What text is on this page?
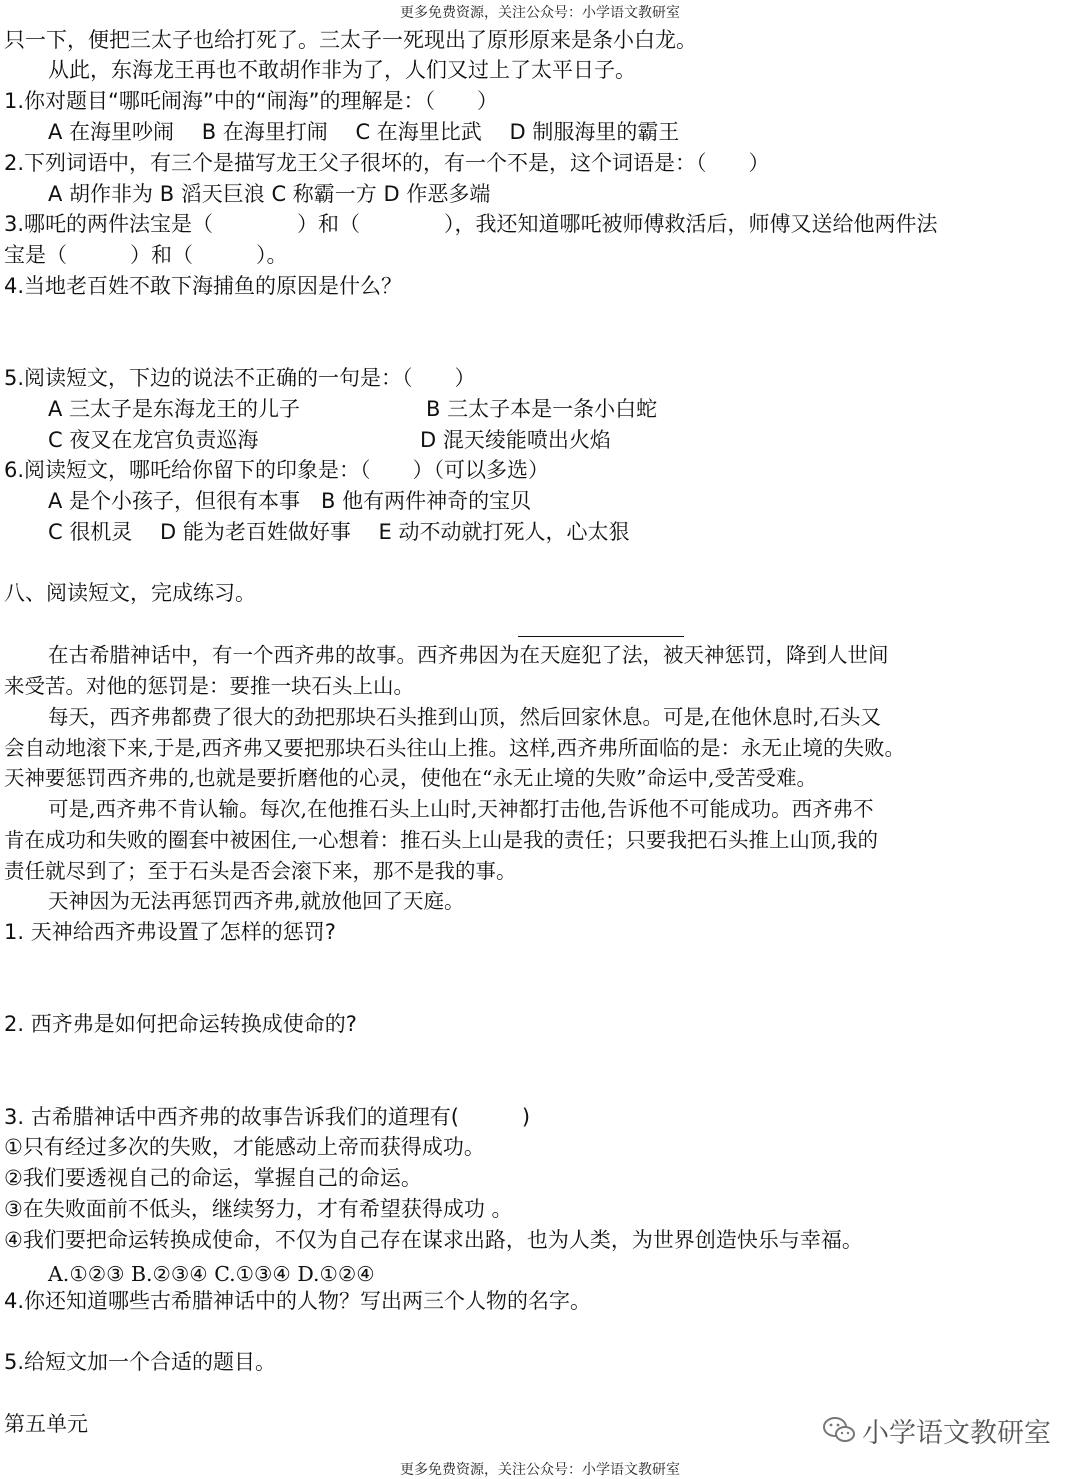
更多免费资源，关注公众号：小学语文教研室
只一下，便把三太子也给打死了。三太子一死现出了原形原来是条小白龙。
从此，东海龙王再也不敢胡作非为了，人们又过上了太平日子。
1.你对题目“哪吒闹海”中的“闹海”的理解是：（　　）
A 在海里吵闹　 B 在海里打闹　 C 在海里比武　 D 制服海里的霸王
2.下列词语中，有三个是描写龙王父子很坏的，有一个不是，这个词语是：（　　）
A 胡作非为 B 滔天巨浪 C 称霸一方 D 作恶多端
3.哪吒的两件法宝是（　　　　）和（　　　　），我还知道哪吒被师傅救活后，师傅又送给他两件法
宝是（　　　）和（　　　）。
4.当地老百姓不敢下海捕鱼的原因是什么？
5.阅读短文，下边的说法不正确的一句是：（　　）
A 三太子是东海龙王的儿子	B 三太子本是一条小白蛇
C 夜叉在龙宫负责巡海	D 混天绫能喷出火焰
6.阅读短文，哪吒给你留下的印象是：（　　）（可以多选）
A 是个小孩子，但很有本事　B 他有两件神奇的宝贝
C 很机灵　 D 能为老百姓做好事　 E 动不动就打死人，心太狠
八、阅读短文，完成练习。
在古希腊神话中，有一个西齐弗的故事。西齐弗因为在天庭犯了法，被天神惩罚，降到人世间
来受苦。对他的惩罚是：要推一块石头上山。
每天，西齐弗都费了很大的劲把那块石头推到山顶，然后回家休息。可是,在他休息时,石头又
会自动地滚下来,于是,西齐弗又要把那块石头往山上推。这样,西齐弗所面临的是：永无止境的失败。
天神要惩罚西齐弗的,也就是要折磨他的心灵，使他在“永无止境的失败”命运中,受苦受难。
可是,西齐弗不肯认输。每次,在他推石头上山时,天神都打击他,告诉他不可能成功。西齐弗不
肯在成功和失败的圈套中被困住,一心想着：推石头上山是我的责任；只要我把石头推上山顶,我的
责任就尽到了；至于石头是否会滚下来，那不是我的事。
天神因为无法再惩罚西齐弗,就放他回了天庭。
1. 天神给西齐弗设置了怎样的惩罚?
2. 西齐弗是如何把命运转换成使命的?
3. 古希腊神话中西齐弗的故事告诉我们的道理有(　　　)
①只有经过多次的失败，才能感动上帝而获得成功。
②我们要透视自己的命运，掌握自己的命运。
③在失败面前不低头，继续努力，才有希望获得成功 。
④我们要把命运转换成使命，不仅为自己存在谋求出路，也为人类，为世界创造快乐与幸福。
A.①②③ B.②③④ C.①③④ D.①②④
4.你还知道哪些古希腊神话中的人物？写出两三个人物的名字。
5.给短文加一个合适的题目。
第五单元	小学语文教研室
更多免费资源，关注公众号：小学语文教研室
